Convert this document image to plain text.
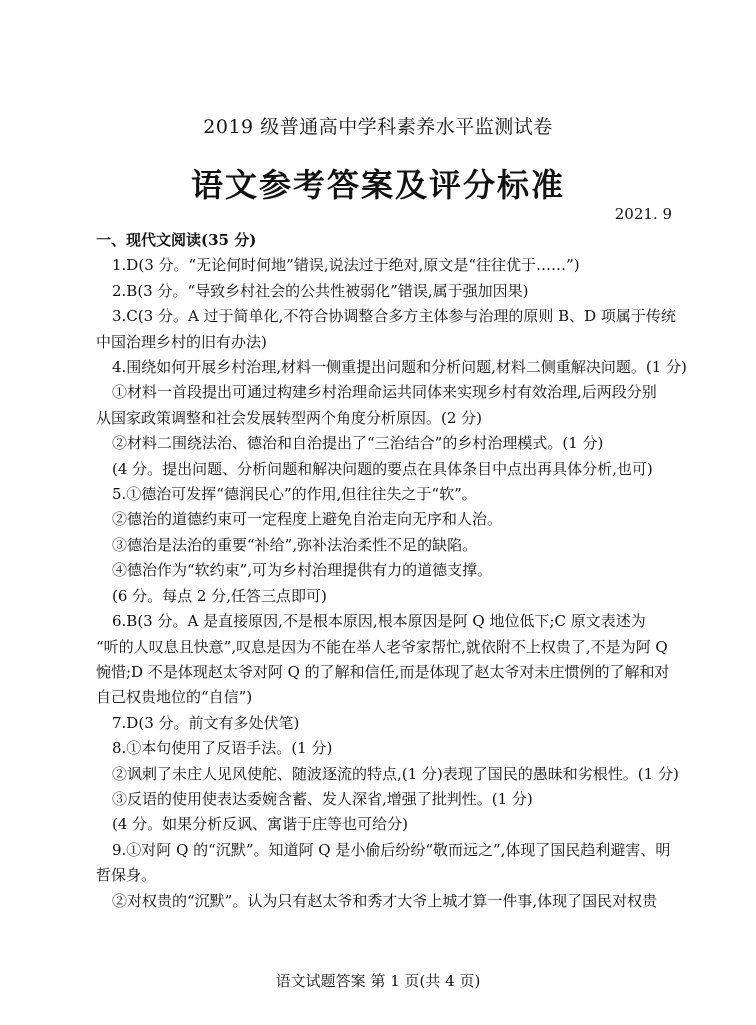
2019 级普通高中学科素养水平监测试卷
语文参考答案及评分标准
2021. 9

一、现代文阅读(35 分)

1.D(3 分。“无论何时何地”错误,说法过于绝对,原文是“往往优于……”)

2.B(3 分。“导致乡村社会的公共性被弱化”错误,属于强加因果)

3.C(3 分。A 过于简单化,不符合协调整合多方主体参与治理的原则 B、D 项属于传统

中国治理乡村的旧有办法)

4.围绕如何开展乡村治理,材料一侧重提出问题和分析问题,材料二侧重解决问题。(1 分)

①材料一首段提出可通过构建乡村治理命运共同体来实现乡村有效治理,后两段分别

从国家政策调整和社会发展转型两个角度分析原因。(2 分)

②材料二围绕法治、德治和自治提出了“三治结合”的乡村治理模式。(1 分)

(4 分。提出问题、分析问题和解决问题的要点在具体条目中点出再具体分析,也可)

5.①德治可发挥“德润民心”的作用,但往往失之于“软”。

②德治的道德约束可一定程度上避免自治走向无序和人治。

③德治是法治的重要“补给”,弥补法治柔性不足的缺陷。

④德治作为“软约束”,可为乡村治理提供有力的道德支撑。

(6 分。每点 2 分,任答三点即可)

6.B(3 分。A 是直接原因,不是根本原因,根本原因是阿 Q 地位低下;C 原文表述为

“听的人叹息且快意”,叹息是因为不能在举人老爷家帮忙,就依附不上权贵了,不是为阿 Q

惋惜;D 不是体现赵太爷对阿 Q 的了解和信任,而是体现了赵太爷对未庄惯例的了解和对

自己权贵地位的“自信”)

7.D(3 分。前文有多处伏笔)

8.①本句使用了反语手法。(1 分)

②讽刺了未庄人见风使舵、随波逐流的特点,(1 分)表现了国民的愚昧和劣根性。(1 分)

③反语的使用使表达委婉含蓄、发人深省,增强了批判性。(1 分)

(4 分。如果分析反讽、寓谐于庄等也可给分)

9.①对阿 Q 的“沉默”。知道阿 Q 是小偷后纷纷“敬而远之”,体现了国民趋利避害、明

哲保身。

②对权贵的“沉默”。认为只有赵太爷和秀才大爷上城才算一件事,体现了国民对权贵

语文试题答案 第 1 页(共 4 页)
